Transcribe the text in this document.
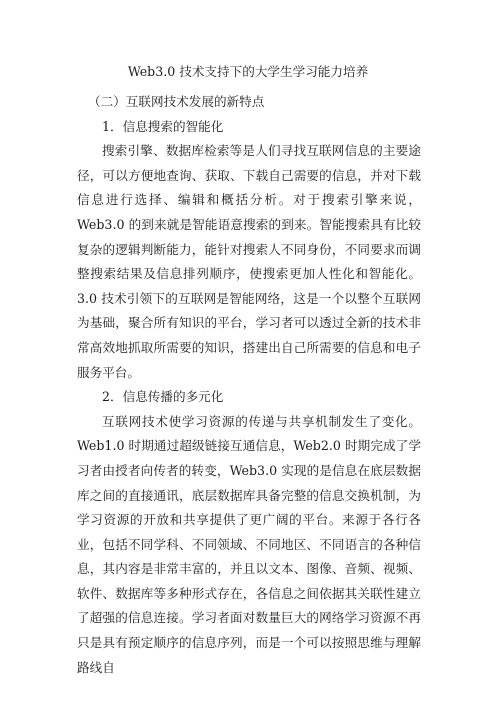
Web3.0 技术支持下的大学生学习能力培养

（二）互联网技术发展的新特点

1．信息搜索的智能化

搜索引擎、数据库检索等是人们寻找互联网信息的主要途径，可以方便地查询、获取、下载自己需要的信息，并对下载信息进行选择、编辑和概括分析。对于搜索引擎来说，Web3.0 的到来就是智能语意搜索的到来。智能搜索具有比较复杂的逻辑判断能力，能针对搜索人不同身份，不同要求而调整搜索结果及信息排列顺序，使搜索更加人性化和智能化。3.0 技术引领下的互联网是智能网络，这是一个以整个互联网为基础，聚合所有知识的平台，学习者可以透过全新的技术非常高效地抓取所需要的知识，搭建出自己所需要的信息和电子服务平台。

2．信息传播的多元化

互联网技术使学习资源的传递与共享机制发生了变化。Web1.0 时期通过超级链接互通信息，Web2.0 时期完成了学习者由授者向传者的转变，Web3.0 实现的是信息在底层数据库之间的直接通讯，底层数据库具备完整的信息交换机制，为学习资源的开放和共享提供了更广阔的平台。来源于各行各业，包括不同学科、不同领域、不同地区、不同语言的各种信息，其内容是非常丰富的，并且以文本、图像、音频、视频、软件、数据库等多种形式存在，各信息之间依据其关联性建立了超强的信息连接。学习者面对数量巨大的网络学习资源不再只是具有预定顺序的信息序列，而是一个可以按照思维与理解路线自
